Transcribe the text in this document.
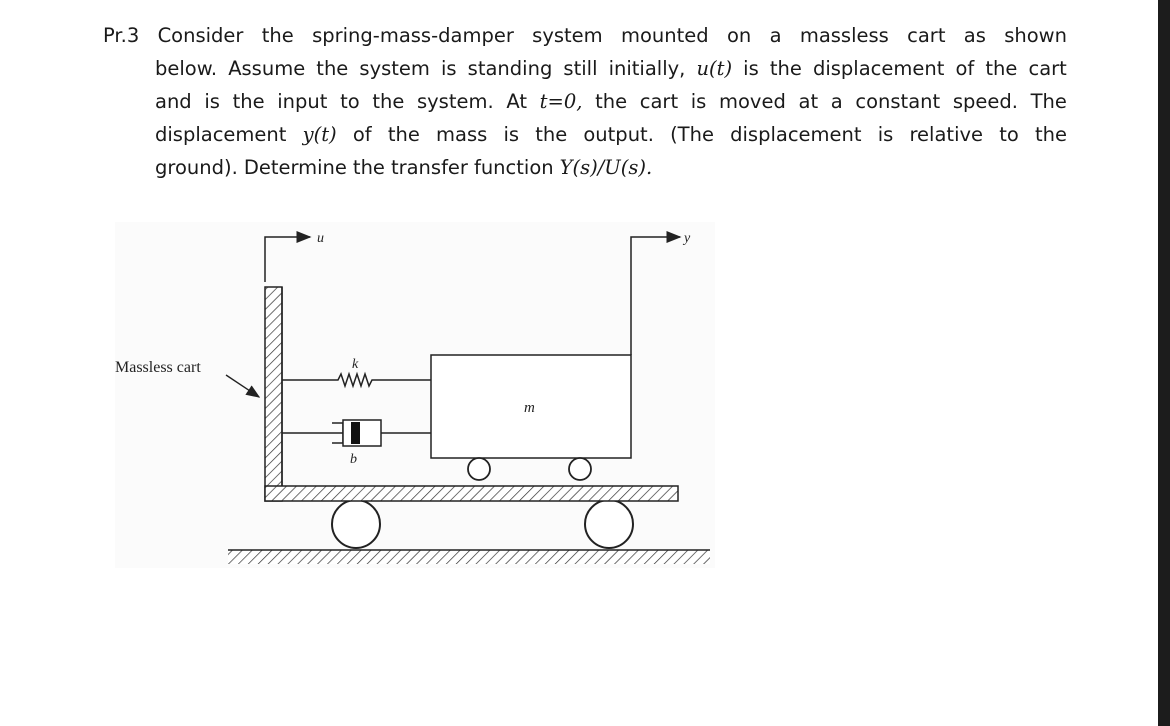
Pr.3 Consider the spring-mass-damper system mounted on a massless cart as shown
below. Assume the system is standing still initially, u(t) is the displacement of the cart
and is the input to the system. At t=0, the cart is moved at a constant speed. The
displacement y(t) of the mass is the output. (The displacement is relative to the
ground). Determine the transfer function Y(s)/U(s).
u	y
m
k
b
Massless cart
